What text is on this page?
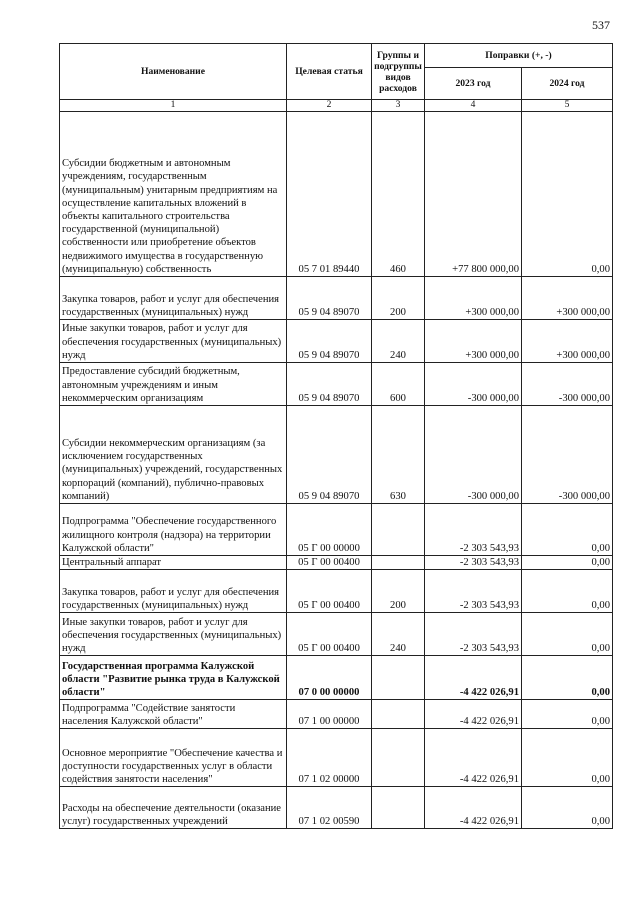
537
Наименование	Целевая статья	Группы и подгруппы видов расходов	Поправки (+, -)	
			2023 год	2024 год
1	2	3	4	5
Субсидии бюджетным и автономным учреждениям, государственным (муниципальным) унитарным предприятиям на осуществление капитальных вложений в объекты капитального строительства государственной (муниципальной) собственности или приобретение объектов недвижимого имущества в государственную (муниципальную) собственность	05 7 01 89440	460	+77 800 000,00	0,00
Закупка товаров, работ и услуг для обеспечения государственных (муниципальных) нужд	05 9 04 89070	200	+300 000,00	+300 000,00
Иные закупки товаров, работ и услуг для обеспечения государственных (муниципальных) нужд	05 9 04 89070	240	+300 000,00	+300 000,00
Предоставление субсидий бюджетным, автономным учреждениям и иным некоммерческим организациям	05 9 04 89070	600	-300 000,00	-300 000,00
Субсидии некоммерческим организациям (за исключением государственных (муниципальных) учреждений, государственных корпораций (компаний), публично-правовых компаний)	05 9 04 89070	630	-300 000,00	-300 000,00
Подпрограмма "Обеспечение государственного жилищного контроля (надзора) на территории Калужской области"	05 Г 00 00000		-2 303 543,93	0,00
Центральный аппарат	05 Г 00 00400		-2 303 543,93	0,00
Закупка товаров, работ и услуг для обеспечения государственных (муниципальных) нужд	05 Г 00 00400	200	-2 303 543,93	0,00
Иные закупки товаров, работ и услуг для обеспечения государственных (муниципальных) нужд	05 Г 00 00400	240	-2 303 543,93	0,00
Государственная программа Калужской области "Развитие рынка труда в Калужской области"	07 0 00 00000		-4 422 026,91	0,00
Подпрограмма "Содействие занятости населения Калужской области"	07 1 00 00000		-4 422 026,91	0,00
Основное мероприятие "Обеспечение качества и доступности государственных услуг в области содействия занятости населения"	07 1 02 00000		-4 422 026,91	0,00
Расходы на обеспечение деятельности (оказание услуг) государственных учреждений	07 1 02 00590		-4 422 026,91	0,00
